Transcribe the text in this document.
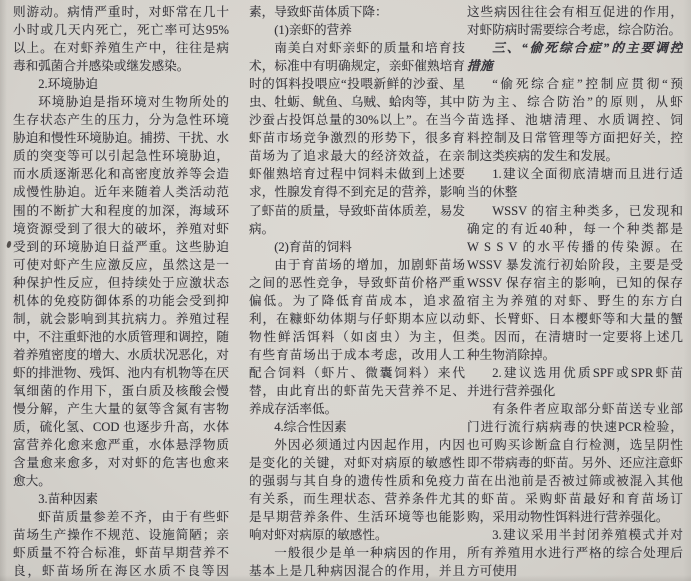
则游动。病情严重时，对虾常在几十
小时或几天内死亡，死亡率可达95%
以上。在对虾养殖生产中，往往是病
毒和弧菌合并感染或继发感染。
2.环境胁迫
环境胁迫是指环境对生物所处的
生存状态产生的压力，分为急性环境
胁迫和慢性环境胁迫。捕捞、干扰、水
质的突变等可以引起急性环境胁迫，
而水质逐渐恶化和高密度放养等会造
成慢性胁迫。近年来随着人类活动范
围的不断扩大和程度的加深，海域环
境资源受到了很大的破坏，养殖对虾
受到的环境胁迫日益严重。这些胁迫
可使对虾产生应激反应，虽然这是一
种保护性反应，但持续处于应激状态
机体的免疫防御体系的功能会受到抑
制，就会影响到其抗病力。养殖过程
中，不注重虾池的水质管理和调控，随
着养殖密度的增大、水质状况恶化，对
虾的排泄物、残饵、池内有机物等在厌
氧细菌的作用下，蛋白质及核酸会慢
慢分解，产生大量的氨等含氮有害物
质，硫化氢、COD 也逐步升高，水体
富营养化愈来愈严重，水体悬浮物质
含量愈来愈多，对对虾的危害也愈来
愈大。
3.苗种因素
虾苗质量参差不齐，由于有些虾
苗场生产操作不规范、设施简陋；亲
虾质量不符合标准，虾苗早期营养不
良，虾苗场所在海区水质不良等因
素，导致虾苗体质下降：
(1)亲虾的营养
南美白对虾亲虾的质量和培育技
术，标准中有明确规定，亲虾催熟培育
时的饵料投喂应“投喂新鲜的沙蚕、星
虫、牡蛎、鱿鱼、乌贼、蛤肉等，其中
沙蚕占投饵总量的30%以上”。在当今
虾苗市场竞争激烈的形势下，很多育
苗场为了追求最大的经济效益，在亲
虾催熟培育过程中饲料未做到上述要
求，性腺发育得不到充足的营养，影响
了虾苗的质量，导致虾苗体质差，易发
病。
(2)育苗的饲料
由于育苗场的增加，加剧虾苗场
之间的恶性竞争，导致虾苗价格严重
偏低。为了降低育苗成本，追求盈
利，在糠虾幼体期与仔虾期本应以动
物性鲜活饵料（如卤虫）为主，但
有些育苗场出于成本考虑，改用人工
配合饲料（虾片、微囊饲料）来代
替，由此育出的虾苗先天营养不足、
养成存活率低。
4.综合性因素
外因必须通过内因起作用，内因
是变化的关键，对虾对病原的敏感性
的强弱与其自身的遗传性质和免疫力
有关系，而生理状态、营养条件尤其
是早期营养条件、生活环境等也能影
响对虾对病原的敏感性。
一般很少是单一种病因的作用，
基本上是几种病因混合的作用，并且
这些病因往往会有相互促进的作用，
对虾防病时需要综合考虑，综合防治。
三、“偷死综合症”的主要调控
措施
“偷死综合症”控制应贯彻“预
防为主、综合防治”的原则，从虾
苗选择、池塘清理、水质调控、饲
料控制及日常管理等方面把好关，控
制这类疾病的发生和发展。
1.建议全面彻底清塘而且进行适
当的休整
WSSV 的宿主种类多，已发现和
确定的有近40种，每一个种类都是
W S S V 的水平传播的传染源。在
WSSV 暴发流行初始阶段，主要是受
WSSV 保存宿主的影响，已知的保存
宿主为养殖的对虾、野生的东方白
虾、长臂虾、日本樱虾等和大量的蟹
类。因而，在清塘时一定要将上述几
种生物消除掉。
2.建议选用优质SPF或SPR虾苗
并进行营养强化
有条件者应取部分虾苗送专业部
门进行流行病病毒的快速PCR检验，
也可购买诊断盒自行检测，选呈阴性
即不带病毒的虾苗。另外、还应注意虾
苗在出池前是否被过筛或被混入其他
的虾苗。采购虾苗最好和育苗场订
购，采用动物性饵料进行营养强化。
3.建议采用半封闭养殖模式并对
所有养殖用水进行严格的综合处理后
方可使用
